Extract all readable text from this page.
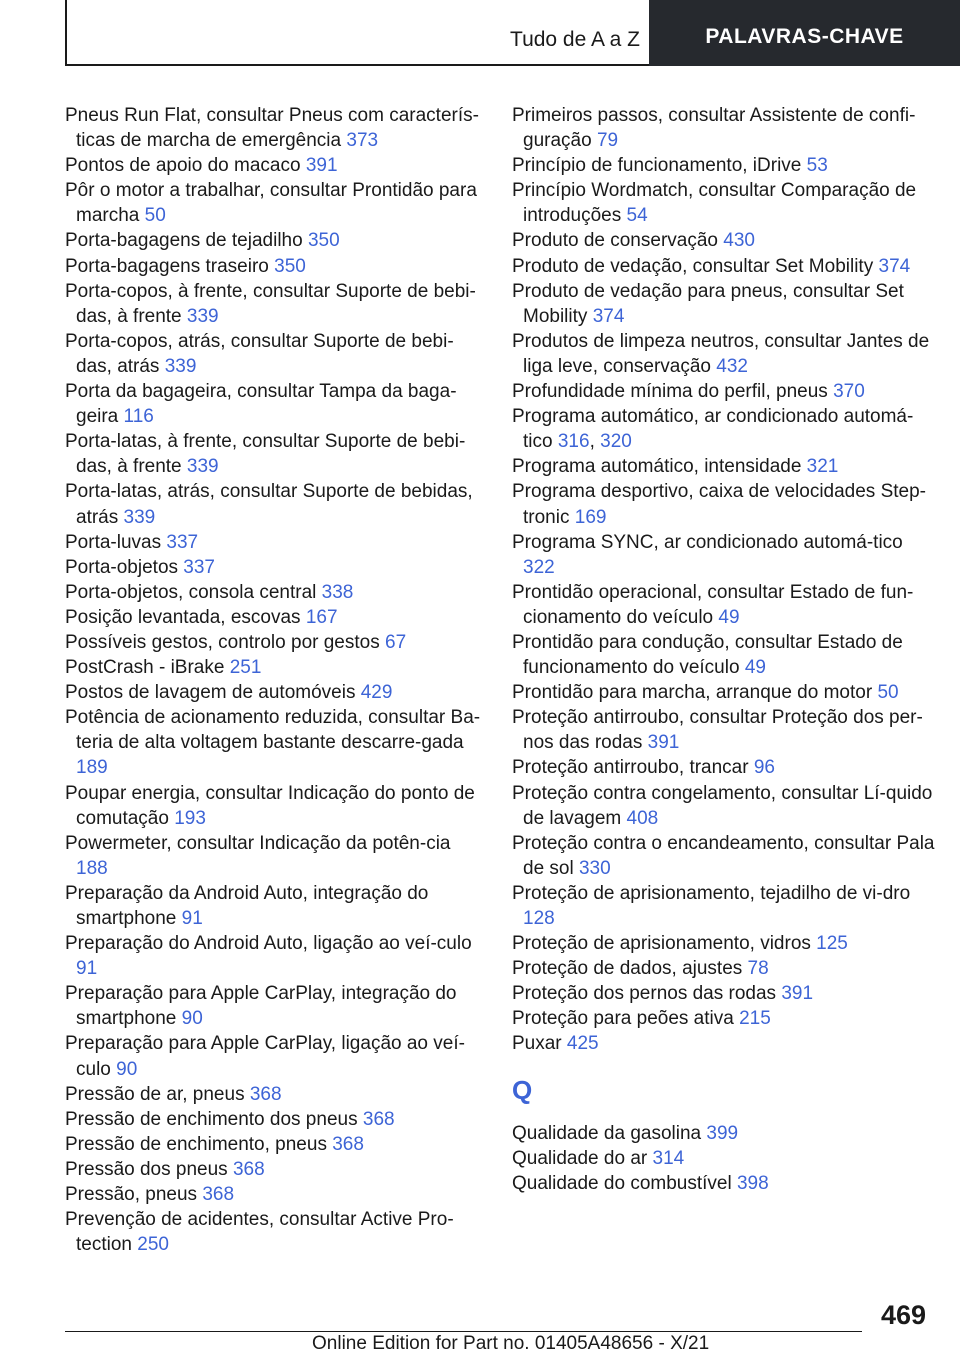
Tudo de A a Z	PALAVRAS-CHAVE
Pneus Run Flat, consultar Pneus com caracterís-ticas de marcha de emergência 373
Pontos de apoio do macaco 391
Pôr o motor a trabalhar, consultar Prontidão para marcha 50
Porta-bagagens de tejadilho 350
Porta-bagagens traseiro 350
Porta-copos, à frente, consultar Suporte de bebi-das, à frente 339
Porta-copos, atrás, consultar Suporte de bebi-das, atrás 339
Porta da bagageira, consultar Tampa da baga-geira 116
Porta-latas, à frente, consultar Suporte de bebi-das, à frente 339
Porta-latas, atrás, consultar Suporte de bebidas, atrás 339
Porta-luvas 337
Porta-objetos 337
Porta-objetos, consola central 338
Posição levantada, escovas 167
Possíveis gestos, controlo por gestos 67
PostCrash - iBrake 251
Postos de lavagem de automóveis 429
Potência de acionamento reduzida, consultar Ba-teria de alta voltagem bastante descarre-gada 189
Poupar energia, consultar Indicação do ponto de comutação 193
Powermeter, consultar Indicação da potên-cia 188
Preparação da Android Auto, integração do smartphone 91
Preparação do Android Auto, ligação ao veí-culo 91
Preparação para Apple CarPlay, integração do smartphone 90
Preparação para Apple CarPlay, ligação ao veí-culo 90
Pressão de ar, pneus 368
Pressão de enchimento dos pneus 368
Pressão de enchimento, pneus 368
Pressão dos pneus 368
Pressão, pneus 368
Prevenção de acidentes, consultar Active Pro-tection 250
Primeiros passos, consultar Assistente de confi-guração 79
Princípio de funcionamento, iDrive 53
Princípio Wordmatch, consultar Comparação de introduções 54
Produto de conservação 430
Produto de vedação, consultar Set Mobility 374
Produto de vedação para pneus, consultar Set Mobility 374
Produtos de limpeza neutros, consultar Jantes de liga leve, conservação 432
Profundidade mínima do perfil, pneus 370
Programa automático, ar condicionado automá-tico 316, 320
Programa automático, intensidade 321
Programa desportivo, caixa de velocidades Step-tronic 169
Programa SYNC, ar condicionado automá-tico 322
Prontidão operacional, consultar Estado de fun-cionamento do veículo 49
Prontidão para condução, consultar Estado de funcionamento do veículo 49
Prontidão para marcha, arranque do motor 50
Proteção antirroubo, consultar Proteção dos per-nos das rodas 391
Proteção antirroubo, trancar 96
Proteção contra congelamento, consultar Lí-quido de lavagem 408
Proteção contra o encandeamento, consultar Pala de sol 330
Proteção de aprisionamento, tejadilho de vi-dro 128
Proteção de aprisionamento, vidros 125
Proteção de dados, ajustes 78
Proteção dos pernos das rodas 391
Proteção para peões ativa 215
Puxar 425
Q
Qualidade da gasolina 399
Qualidade do ar 314
Qualidade do combustível 398
469
Online Edition for Part no. 01405A48656 - X/21
